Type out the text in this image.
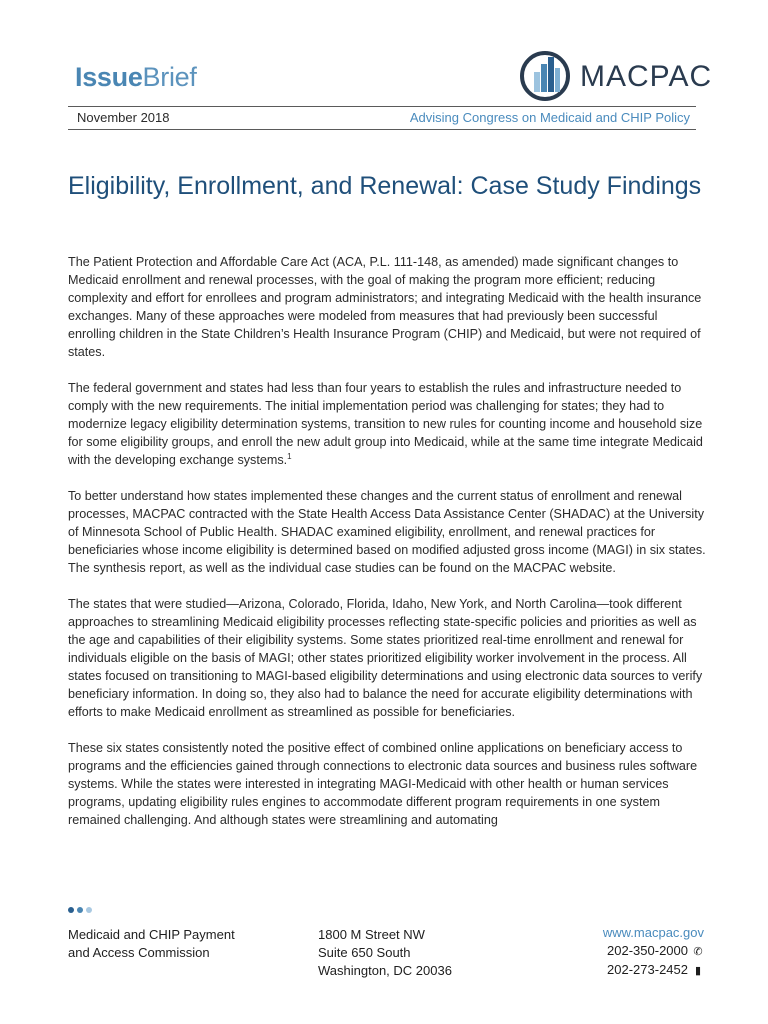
IssueBrief	MACPAC
November 2018	Advising Congress on Medicaid and CHIP Policy
Eligibility, Enrollment, and Renewal: Case Study Findings

The Patient Protection and Affordable Care Act (ACA, P.L. 111-148, as amended) made significant changes to Medicaid enrollment and renewal processes, with the goal of making the program more efficient; reducing complexity and effort for enrollees and program administrators; and integrating Medicaid with the health insurance exchanges. Many of these approaches were modeled from measures that had previously been successful enrolling children in the State Children’s Health Insurance Program (CHIP) and Medicaid, but were not required of states.

The federal government and states had less than four years to establish the rules and infrastructure needed to comply with the new requirements. The initial implementation period was challenging for states; they had to modernize legacy eligibility determination systems, transition to new rules for counting income and household size for some eligibility groups, and enroll the new adult group into Medicaid, while at the same time integrate Medicaid with the developing exchange systems.$^1$

To better understand how states implemented these changes and the current status of enrollment and renewal processes, MACPAC contracted with the State Health Access Data Assistance Center (SHADAC) at the University of Minnesota School of Public Health. SHADAC examined eligibility, enrollment, and renewal practices for beneficiaries whose income eligibility is determined based on modified adjusted gross income (MAGI) in six states. The synthesis report, as well as the individual case studies can be found on the MACPAC website.

The states that were studied—Arizona, Colorado, Florida, Idaho, New York, and North Carolina—took different approaches to streamlining Medicaid eligibility processes reflecting state-specific policies and priorities as well as the age and capabilities of their eligibility systems. Some states prioritized real-time enrollment and renewal for individuals eligible on the basis of MAGI; other states prioritized eligibility worker involvement in the process. All states focused on transitioning to MAGI-based eligibility determinations and using electronic data sources to verify beneficiary information. In doing so, they also had to balance the need for accurate eligibility determinations with efforts to make Medicaid enrollment as streamlined as possible for beneficiaries.

These six states consistently noted the positive effect of combined online applications on beneficiary access to programs and the efficiencies gained through connections to electronic data sources and business rules software systems. While the states were interested in integrating MAGI-Medicaid with other health or human services programs, updating eligibility rules engines to accommodate different program requirements in one system remained challenging. And although states were streamlining and automating

Medicaid and CHIP Payment
and Access Commission
1800 M Street NW
Suite 650 South
Washington, DC 20036
www.macpac.gov
202-350-2000 ✆
202-273-2452 ▮
